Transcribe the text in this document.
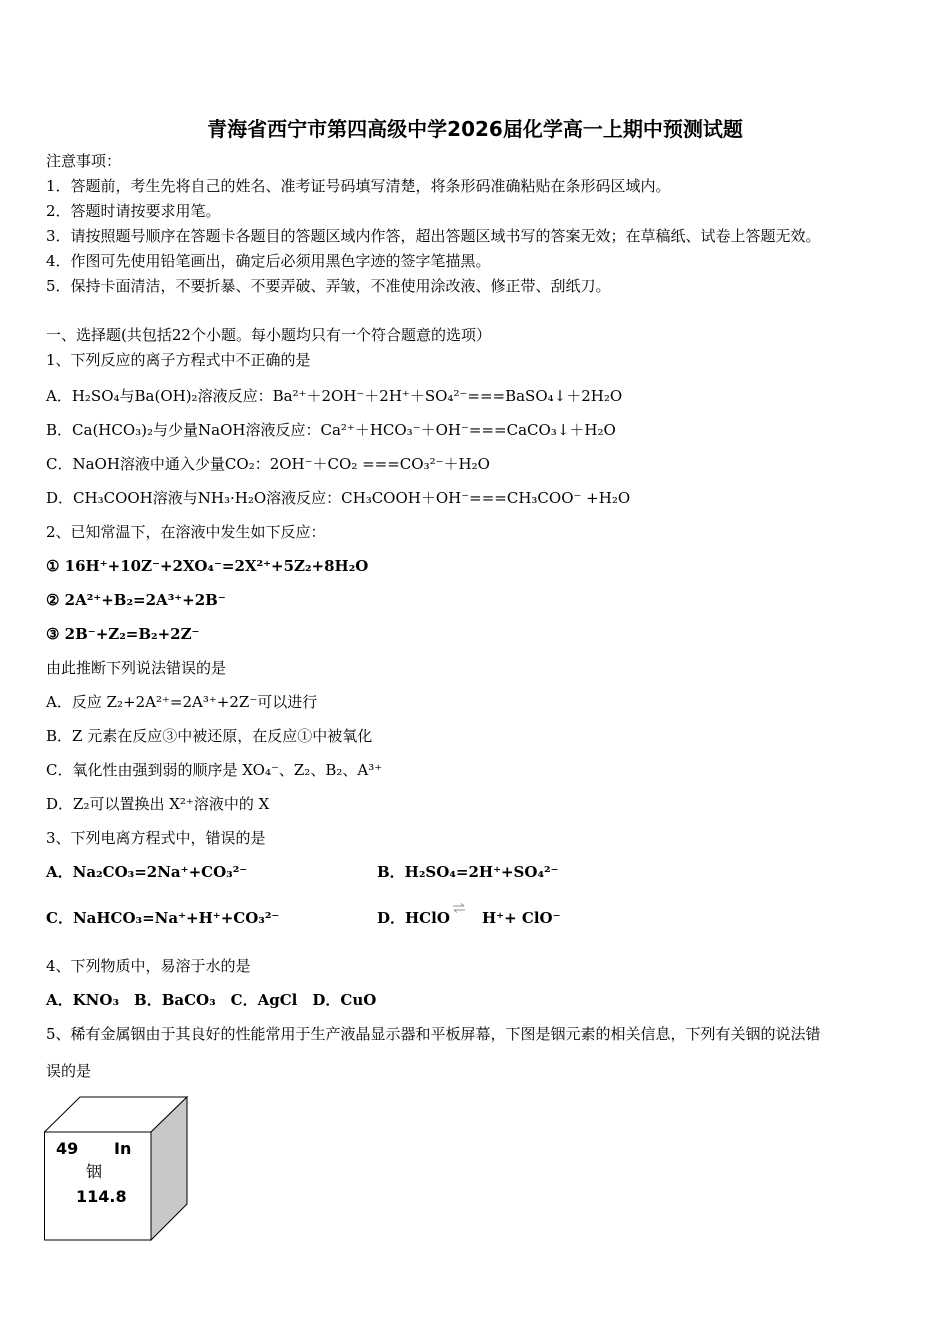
青海省西宁市第四高级中学2026届化学高一上期中预测试题
注意事项：
1．答题前，考生先将自己的姓名、准考证号码填写清楚，将条形码准确粘贴在条形码区域内。
2．答题时请按要求用笔。
3．请按照题号顺序在答题卡各题目的答题区域内作答，超出答题区域书写的答案无效；在草稿纸、试卷上答题无效。
4．作图可先使用铅笔画出，确定后必须用黑色字迹的签字笔描黑。
5．保持卡面清洁，不要折暴、不要弄破、弄皱，不准使用涂改液、修正带、刮纸刀。
一、选择题(共包括22个小题。每小题均只有一个符合题意的选项）
1、下列反应的离子方程式中不正确的是
A．H₂SO₄与Ba(OH)₂溶液反应：Ba²⁺＋2OH⁻＋2H⁺＋SO₄²⁻===BaSO₄↓＋2H₂O
B．Ca(HCO₃)₂与少量NaOH溶液反应：Ca²⁺＋HCO₃⁻＋OH⁻===CaCO₃↓＋H₂O
C．NaOH溶液中通入少量CO₂：2OH⁻＋CO₂ ===CO₃²⁻＋H₂O
D．CH₃COOH溶液与NH₃·H₂O溶液反应：CH₃COOH＋OH⁻===CH₃COO⁻ +H₂O
2、已知常温下，在溶液中发生如下反应：
① 16H⁺+10Z⁻+2XO₄⁻=2X²⁺+5Z₂+8H₂O
② 2A²⁺+B₂=2A³⁺+2B⁻
③ 2B⁻+Z₂=B₂+2Z⁻
由此推断下列说法错误的是
A．反应 Z₂+2A²⁺=2A³⁺+2Z⁻可以进行
B．Z 元素在反应③中被还原，在反应①中被氧化
C．氧化性由强到弱的顺序是 XO₄⁻、Z₂、B₂、A³⁺
D．Z₂可以置换出 X²⁺溶液中的 X
3、下列电离方程式中，错误的是
A．Na₂CO₃=2Na⁺+CO₃²⁻	B．H₂SO₄=2H⁺+SO₄²⁻
C．NaHCO₃=Na⁺+H⁺+CO₃²⁻	D．HClO H⁺+ ClO⁻
4、下列物质中，易溶于水的是
A．KNO₃　B．BaCO₃　C．AgCl　D．CuO
5、稀有金属铟由于其良好的性能常用于生产液晶显示器和平板屏幕，下图是铟元素的相关信息，下列有关铟的说法错
误的是
49 In
铟
114.8
